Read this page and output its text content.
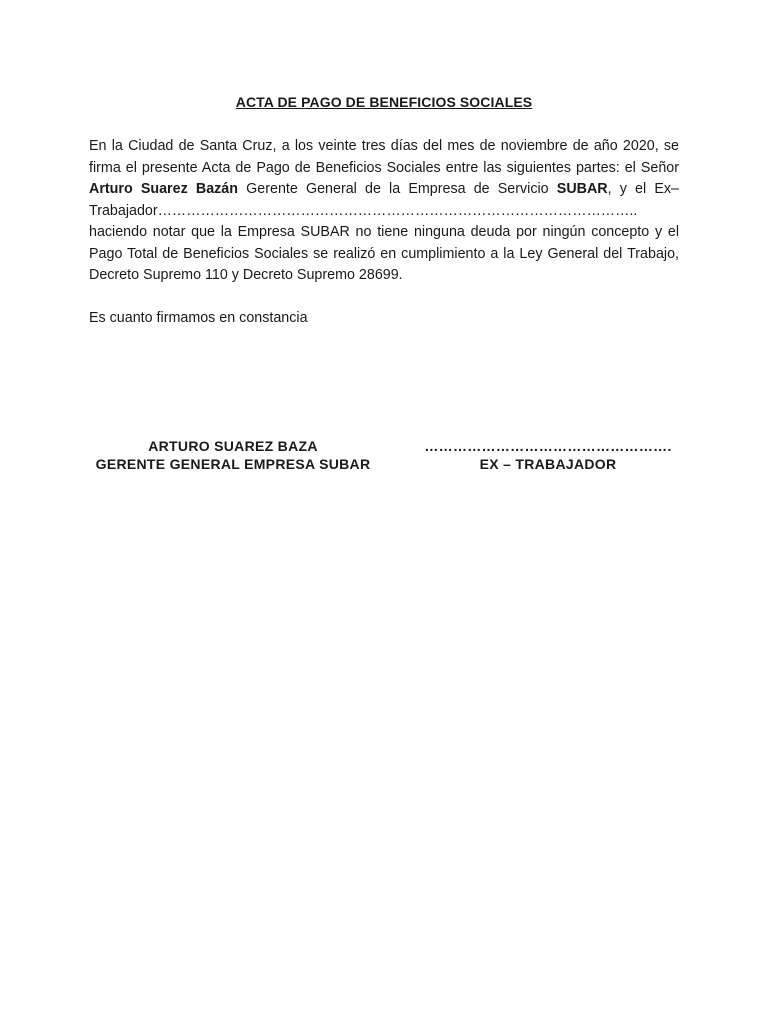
ACTA DE PAGO DE BENEFICIOS SOCIALES

En la Ciudad de Santa Cruz, a los veinte tres días del mes de noviembre de año 2020, se firma el presente Acta de Pago de Beneficios Sociales entre las siguientes partes: el Señor Arturo Suarez Bazán Gerente General de la Empresa de Servicio SUBAR, y el Ex–Trabajador……………………………………………………………………………………….. haciendo notar que la Empresa SUBAR no tiene ninguna deuda por ningún concepto y el Pago Total de Beneficios Sociales se realizó en cumplimiento a la Ley General del Trabajo, Decreto Supremo 110 y Decreto Supremo 28699.

Es cuanto firmamos en constancia
ARTURO SUAREZ BAZA
GERENTE GENERAL EMPRESA SUBAR
…………………………………………….
EX – TRABAJADOR
